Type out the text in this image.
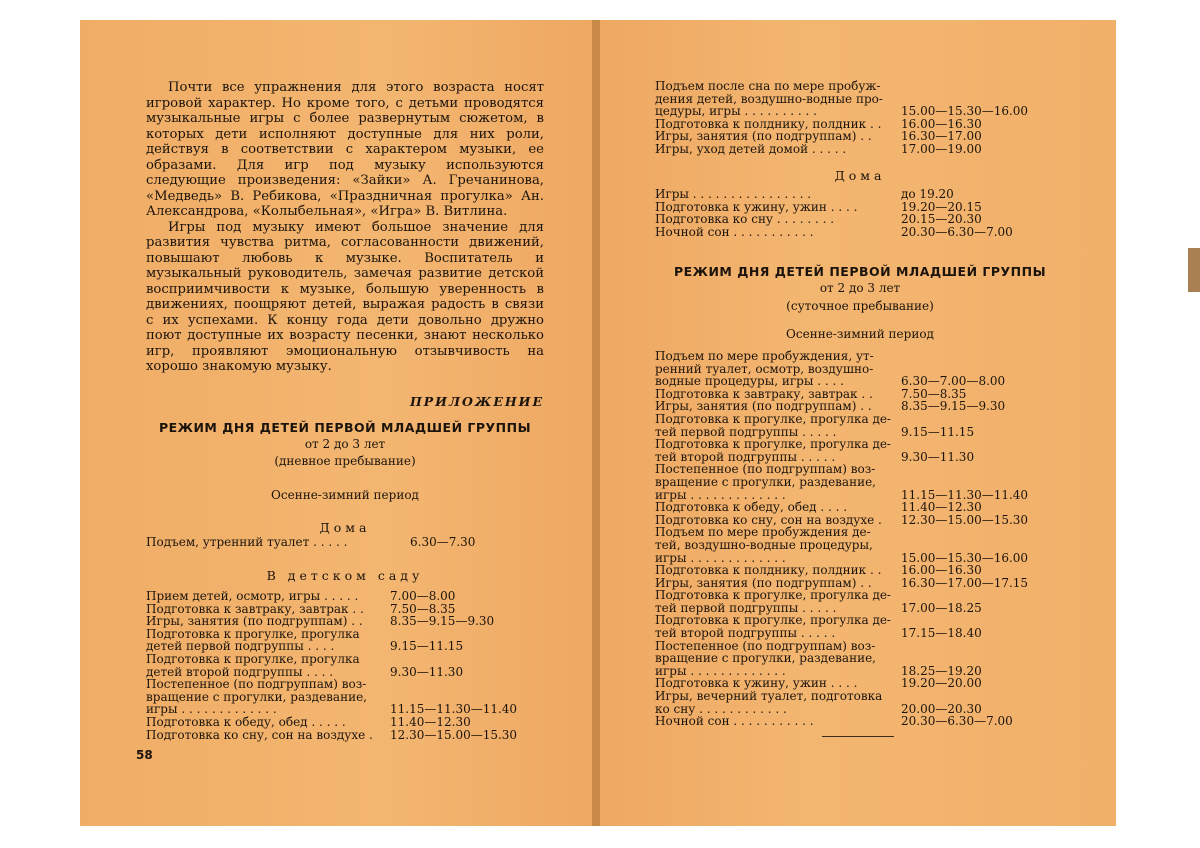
Почти все упражнения для этого возраста носят игровой характер. Но кроме того, с детьми проводятся музыкальные игры с более развернутым сюжетом, в которых дети исполняют доступные для них роли, действуя в соответствии с характером музыки, ее образами. Для игр под музыку используются следующие произведения: «Зайки» А. Гречанинова, «Медведь» В. Ребикова, «Праздничная прогулка» Ан. Александрова, «Колыбельная», «Игра» В. Витлина.

Игры под музыку имеют большое значение для развития чувства ритма, согласованности движений, повышают любовь к музыке. Воспитатель и музыкальный руководитель, замечая развитие детской восприимчивости к музыке, большую уверенность в движениях, поощряют детей, выражая радость в связи с их успехами. К концу года дети довольно дружно поют доступные их возрасту песенки, знают несколько игр, проявляют эмоциональную отзывчивость на хорошо знакомую музыку.

ПРИЛОЖЕНИЕ
РЕЖИМ ДНЯ ДЕТЕЙ ПЕРВОЙ МЛАДШЕЙ ГРУППЫ
от 2 до 3 лет
(дневное пребывание)
Осенне-зимний период
Дома
Подъем, утренний туалет . . . . .	6.30—7.30
В детском саду
Прием детей, осмотр, игры . . . . .	7.00—8.00
Подготовка к завтраку, завтрак . .	7.50—8.35
Игры, занятия (по подгруппам) . .	8.35—9.15—9.30
Подготовка к прогулке, прогулка
детей первой подгруппы . . . .	9.15—11.15
Подготовка к прогулке, прогулка
детей второй подгруппы . . . .	9.30—11.30
Постепенное (по подгруппам) воз-
вращение с прогулки, раздевание,
игры . . . . . . . . . . . . .	11.15—11.30—11.40
Подготовка к обеду, обед . . . . .	11.40—12.30
Подготовка ко сну, сон на воздухе .	12.30—15.00—15.30
58
Подъем после сна по мере пробуж-
дения детей, воздушно-водные про-
цедуры, игры . . . . . . . . . .	15.00—15.30—16.00
Подготовка к полднику, полдник . .	16.00—16.30
Игры, занятия (по подгруппам) . .	16.30—17.00
Игры, уход детей домой . . . . .	17.00—19.00
Дома
Игры . . . . . . . . . . . . . . . .	до 19.20
Подготовка к ужину, ужин . . . .	19.20—20.15
Подготовка ко сну . . . . . . . .	20.15—20.30
Ночной сон . . . . . . . . . . .	20.30—6.30—7.00
РЕЖИМ ДНЯ ДЕТЕЙ ПЕРВОЙ МЛАДШЕЙ ГРУППЫ
от 2 до 3 лет
(суточное пребывание)
Осенне-зимний период
Подъем по мере пробуждения, ут-
ренний туалет, осмотр, воздушно-
водные процедуры, игры . . . .	6.30—7.00—8.00
Подготовка к завтраку, завтрак . .	7.50—8.35
Игры, занятия (по подгруппам) . .	8.35—9.15—9.30
Подготовка к прогулке, прогулка де-
тей первой подгруппы . . . . .	9.15—11.15
Подготовка к прогулке, прогулка де-
тей второй подгруппы . . . . .	9.30—11.30
Постепенное (по подгруппам) воз-
вращение с прогулки, раздевание,
игры . . . . . . . . . . . . .	11.15—11.30—11.40
Подготовка к обеду, обед . . . .	11.40—12.30
Подготовка ко сну, сон на воздухе .	12.30—15.00—15.30
Подъем по мере пробуждения де-
тей, воздушно-водные процедуры,
игры . . . . . . . . . . . . .	15.00—15.30—16.00
Подготовка к полднику, полдник . .	16.00—16.30
Игры, занятия (по подгруппам) . .	16.30—17.00—17.15
Подготовка к прогулке, прогулка де-
тей первой подгруппы . . . . .	17.00—18.25
Подготовка к прогулке, прогулка де-
тей второй подгруппы . . . . .	17.15—18.40
Постепенное (по подгруппам) воз-
вращение с прогулки, раздевание,
игры . . . . . . . . . . . . .	18.25—19.20
Подготовка к ужину, ужин . . . .	19.20—20.00
Игры, вечерний туалет, подготовка
ко сну . . . . . . . . . . . .	20.00—20.30
Ночной сон . . . . . . . . . . .	20.30—6.30—7.00
